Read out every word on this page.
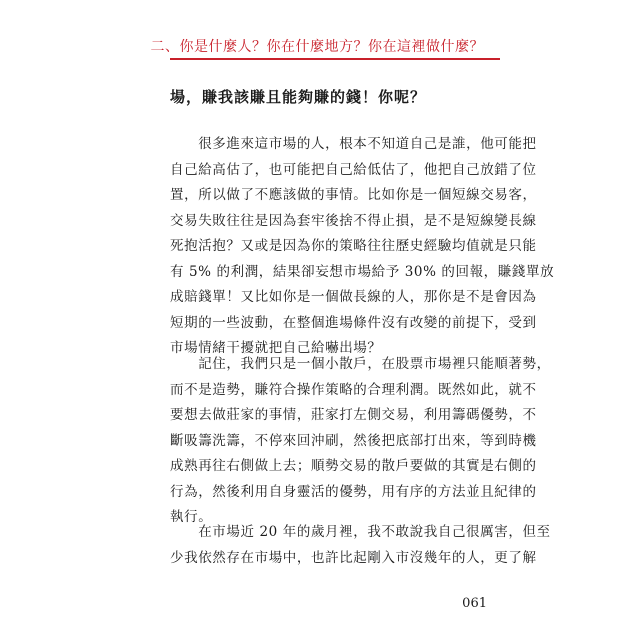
二、你是什麼人？你在什麼地方？你在這裡做什麼？
場，賺我該賺且能夠賺的錢！你呢？
　　很多進來這市場的人，根本不知道自己是誰，他可能把
自己給高估了，也可能把自己給低估了，他把自己放錯了位
置，所以做了不應該做的事情。比如你是一個短線交易客，
交易失敗往往是因為套牢後捨不得止損，是不是短線變長線
死抱活抱？又或是因為你的策略往往歷史經驗均值就是只能
有 5% 的利潤，結果卻妄想市場給予 30% 的回報，賺錢單放
成賠錢單！又比如你是一個做長線的人，那你是不是會因為
短期的一些波動，在整個進場條件沒有改變的前提下，受到
市場情緒干擾就把自己給嚇出場？
　　記住，我們只是一個小散戶，在股票市場裡只能順著勢，
而不是造勢，賺符合操作策略的合理利潤。既然如此，就不
要想去做莊家的事情，莊家打左側交易，利用籌碼優勢，不
斷吸籌洗籌，不停來回沖刷，然後把底部打出來，等到時機
成熟再往右側做上去；順勢交易的散戶要做的其實是右側的
行為，然後利用自身靈活的優勢，用有序的方法並且紀律的
執行。
　　在市場近 20 年的歲月裡，我不敢說我自己很厲害，但至
少我依然存在市場中，也許比起剛入市沒幾年的人，更了解
061
